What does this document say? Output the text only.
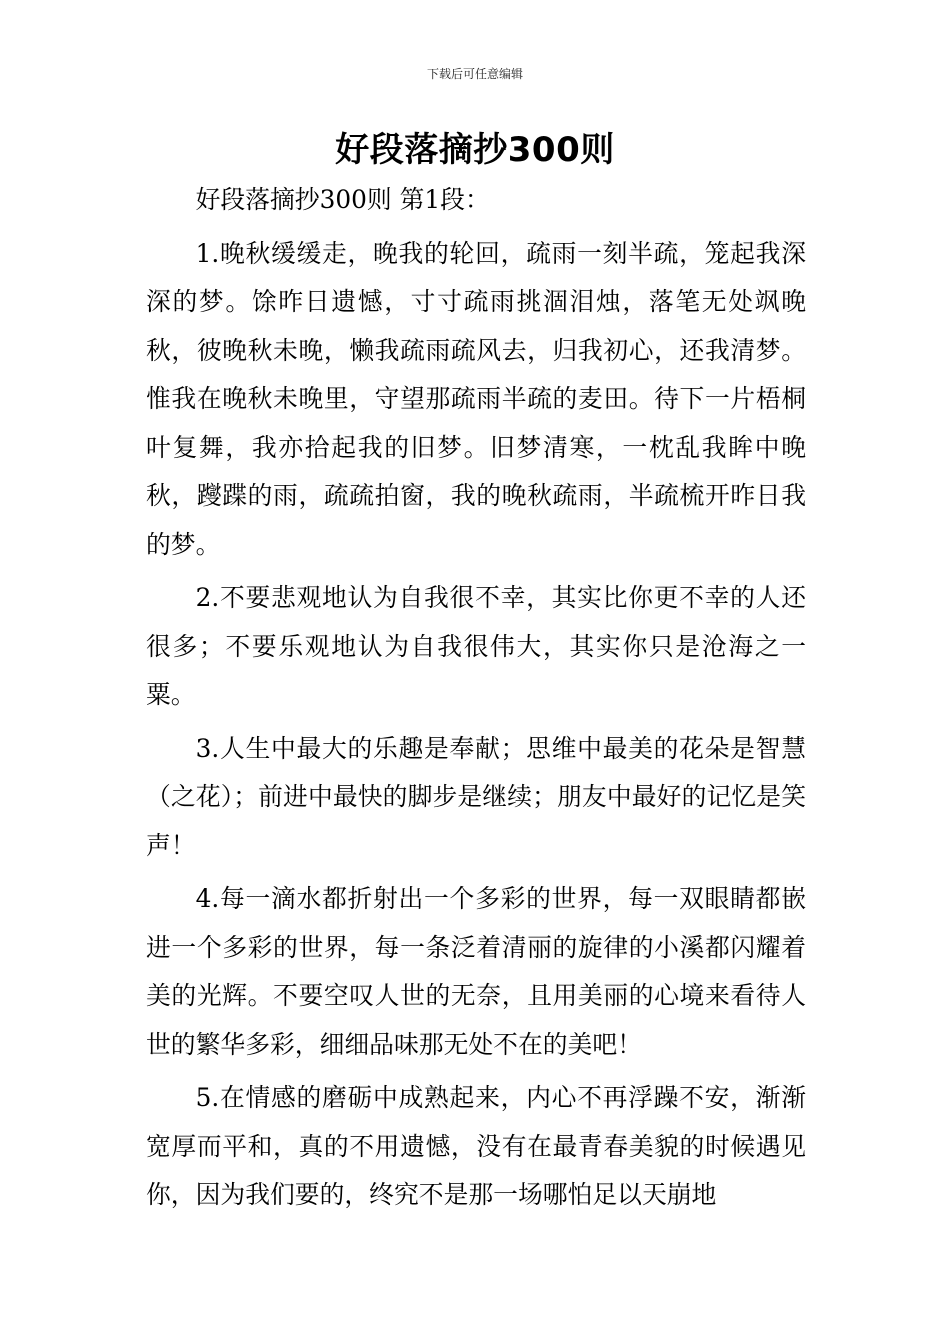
下载后可任意编辑
好段落摘抄300则

好段落摘抄300则 第1段：

1.晚秋缓缓走，晚我的轮回，疏雨一刻半疏，笼起我深深的梦。馀昨日遗憾，寸寸疏雨挑涸泪烛，落笔无处飒晚秋，彼晚秋未晚，懒我疏雨疏风去，归我初心，还我清梦。惟我在晚秋未晚里，守望那疏雨半疏的麦田。待下一片梧桐叶复舞，我亦拾起我的旧梦。旧梦清寒，一枕乱我眸中晚秋，躞蹀的雨，疏疏拍窗，我的晚秋疏雨，半疏梳开昨日我的梦。

2.不要悲观地认为自我很不幸，其实比你更不幸的人还很多；不要乐观地认为自我很伟大，其实你只是沧海之一粟。

3.人生中最大的乐趣是奉献；思维中最美的花朵是智慧（之花）；前进中最快的脚步是继续；朋友中最好的记忆是笑声！

4.每一滴水都折射出一个多彩的世界，每一双眼睛都嵌进一个多彩的世界，每一条泛着清丽的旋律的小溪都闪耀着美的光辉。不要空叹人世的无奈，且用美丽的心境来看待人世的繁华多彩，细细品味那无处不在的美吧！

5.在情感的磨砺中成熟起来，内心不再浮躁不安，渐渐宽厚而平和，真的不用遗憾，没有在最青春美貌的时候遇见你，因为我们要的，终究不是那一场哪怕足以天崩地
